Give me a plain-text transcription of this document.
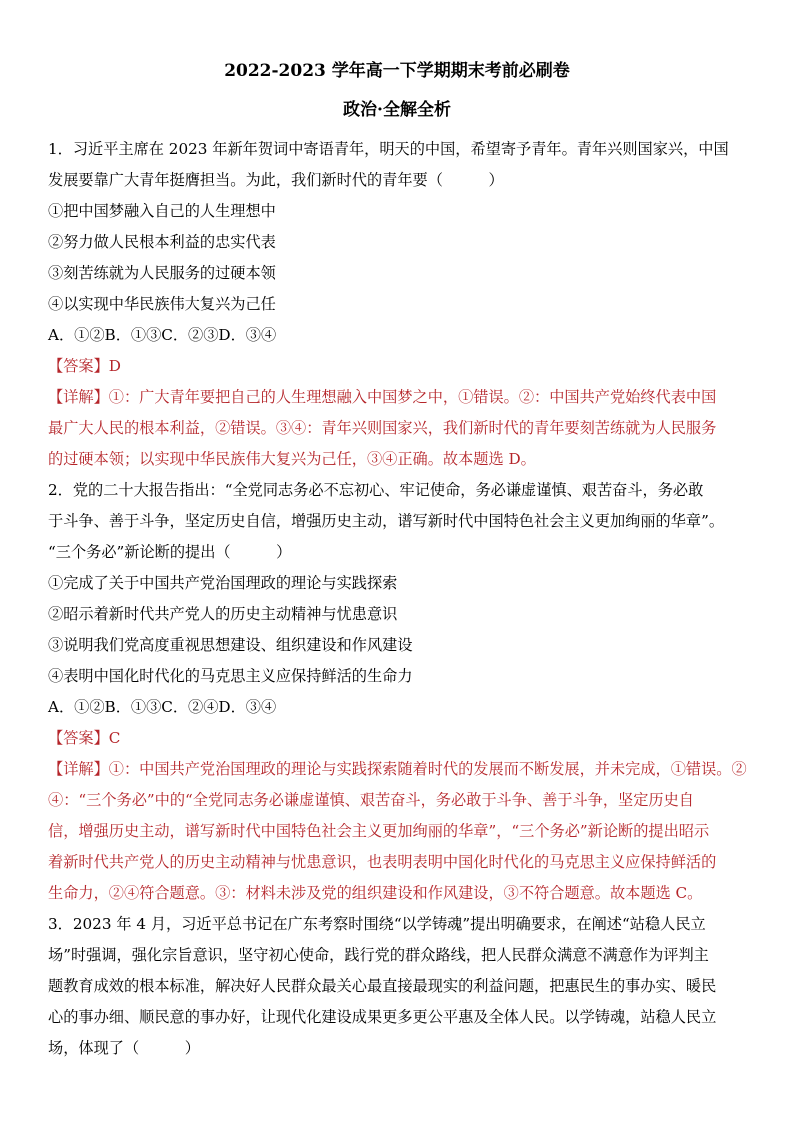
2022-2023 学年高一下学期期末考前必刷卷
政治·全解全析
1．习近平主席在 2023 年新年贺词中寄语青年，明天的中国，希望寄予青年。青年兴则国家兴，中国
发展要靠广大青年挺膺担当。为此，我们新时代的青年要（　　　）
①把中国梦融入自己的人生理想中
②努力做人民根本利益的忠实代表
③刻苦练就为人民服务的过硬本领
④以实现中华民族伟大复兴为己任
A．①②B．①③C．②③D．③④
【答案】D
【详解】①：广大青年要把自己的人生理想融入中国梦之中，①错误。②：中国共产党始终代表中国
最广大人民的根本利益，②错误。③④：青年兴则国家兴，我们新时代的青年要刻苦练就为人民服务
的过硬本领；以实现中华民族伟大复兴为己任，③④正确。故本题选 D。
2．党的二十大报告指出：“全党同志务必不忘初心、牢记使命，务必谦虚谨慎、艰苦奋斗，务必敢
于斗争、善于斗争，坚定历史自信，增强历史主动，谱写新时代中国特色社会主义更加绚丽的华章”。
“三个务必”新论断的提出（　　　）
①完成了关于中国共产党治国理政的理论与实践探索
②昭示着新时代共产党人的历史主动精神与忧患意识
③说明我们党高度重视思想建设、组织建设和作风建设
④表明中国化时代化的马克思主义应保持鲜活的生命力
A．①②B．①③C．②④D．③④
【答案】C
【详解】①：中国共产党治国理政的理论与实践探索随着时代的发展而不断发展，并未完成，①错误。②
④：“三个务必”中的“全党同志务必谦虚谨慎、艰苦奋斗，务必敢于斗争、善于斗争，坚定历史自
信，增强历史主动，谱写新时代中国特色社会主义更加绚丽的华章”，“三个务必”新论断的提出昭示
着新时代共产党人的历史主动精神与忧患意识，也表明表明中国化时代化的马克思主义应保持鲜活的
生命力，②④符合题意。③：材料未涉及党的组织建设和作风建设，③不符合题意。故本题选 C。
3．2023 年 4 月，习近平总书记在广东考察时围绕“以学铸魂”提出明确要求，在阐述“站稳人民立
场”时强调，强化宗旨意识，坚守初心使命，践行党的群众路线，把人民群众满意不满意作为评判主
题教育成效的根本标准，解决好人民群众最关心最直接最现实的利益问题，把惠民生的事办实、暖民
心的事办细、顺民意的事办好，让现代化建设成果更多更公平惠及全体人民。以学铸魂，站稳人民立
场，体现了（　　　）
